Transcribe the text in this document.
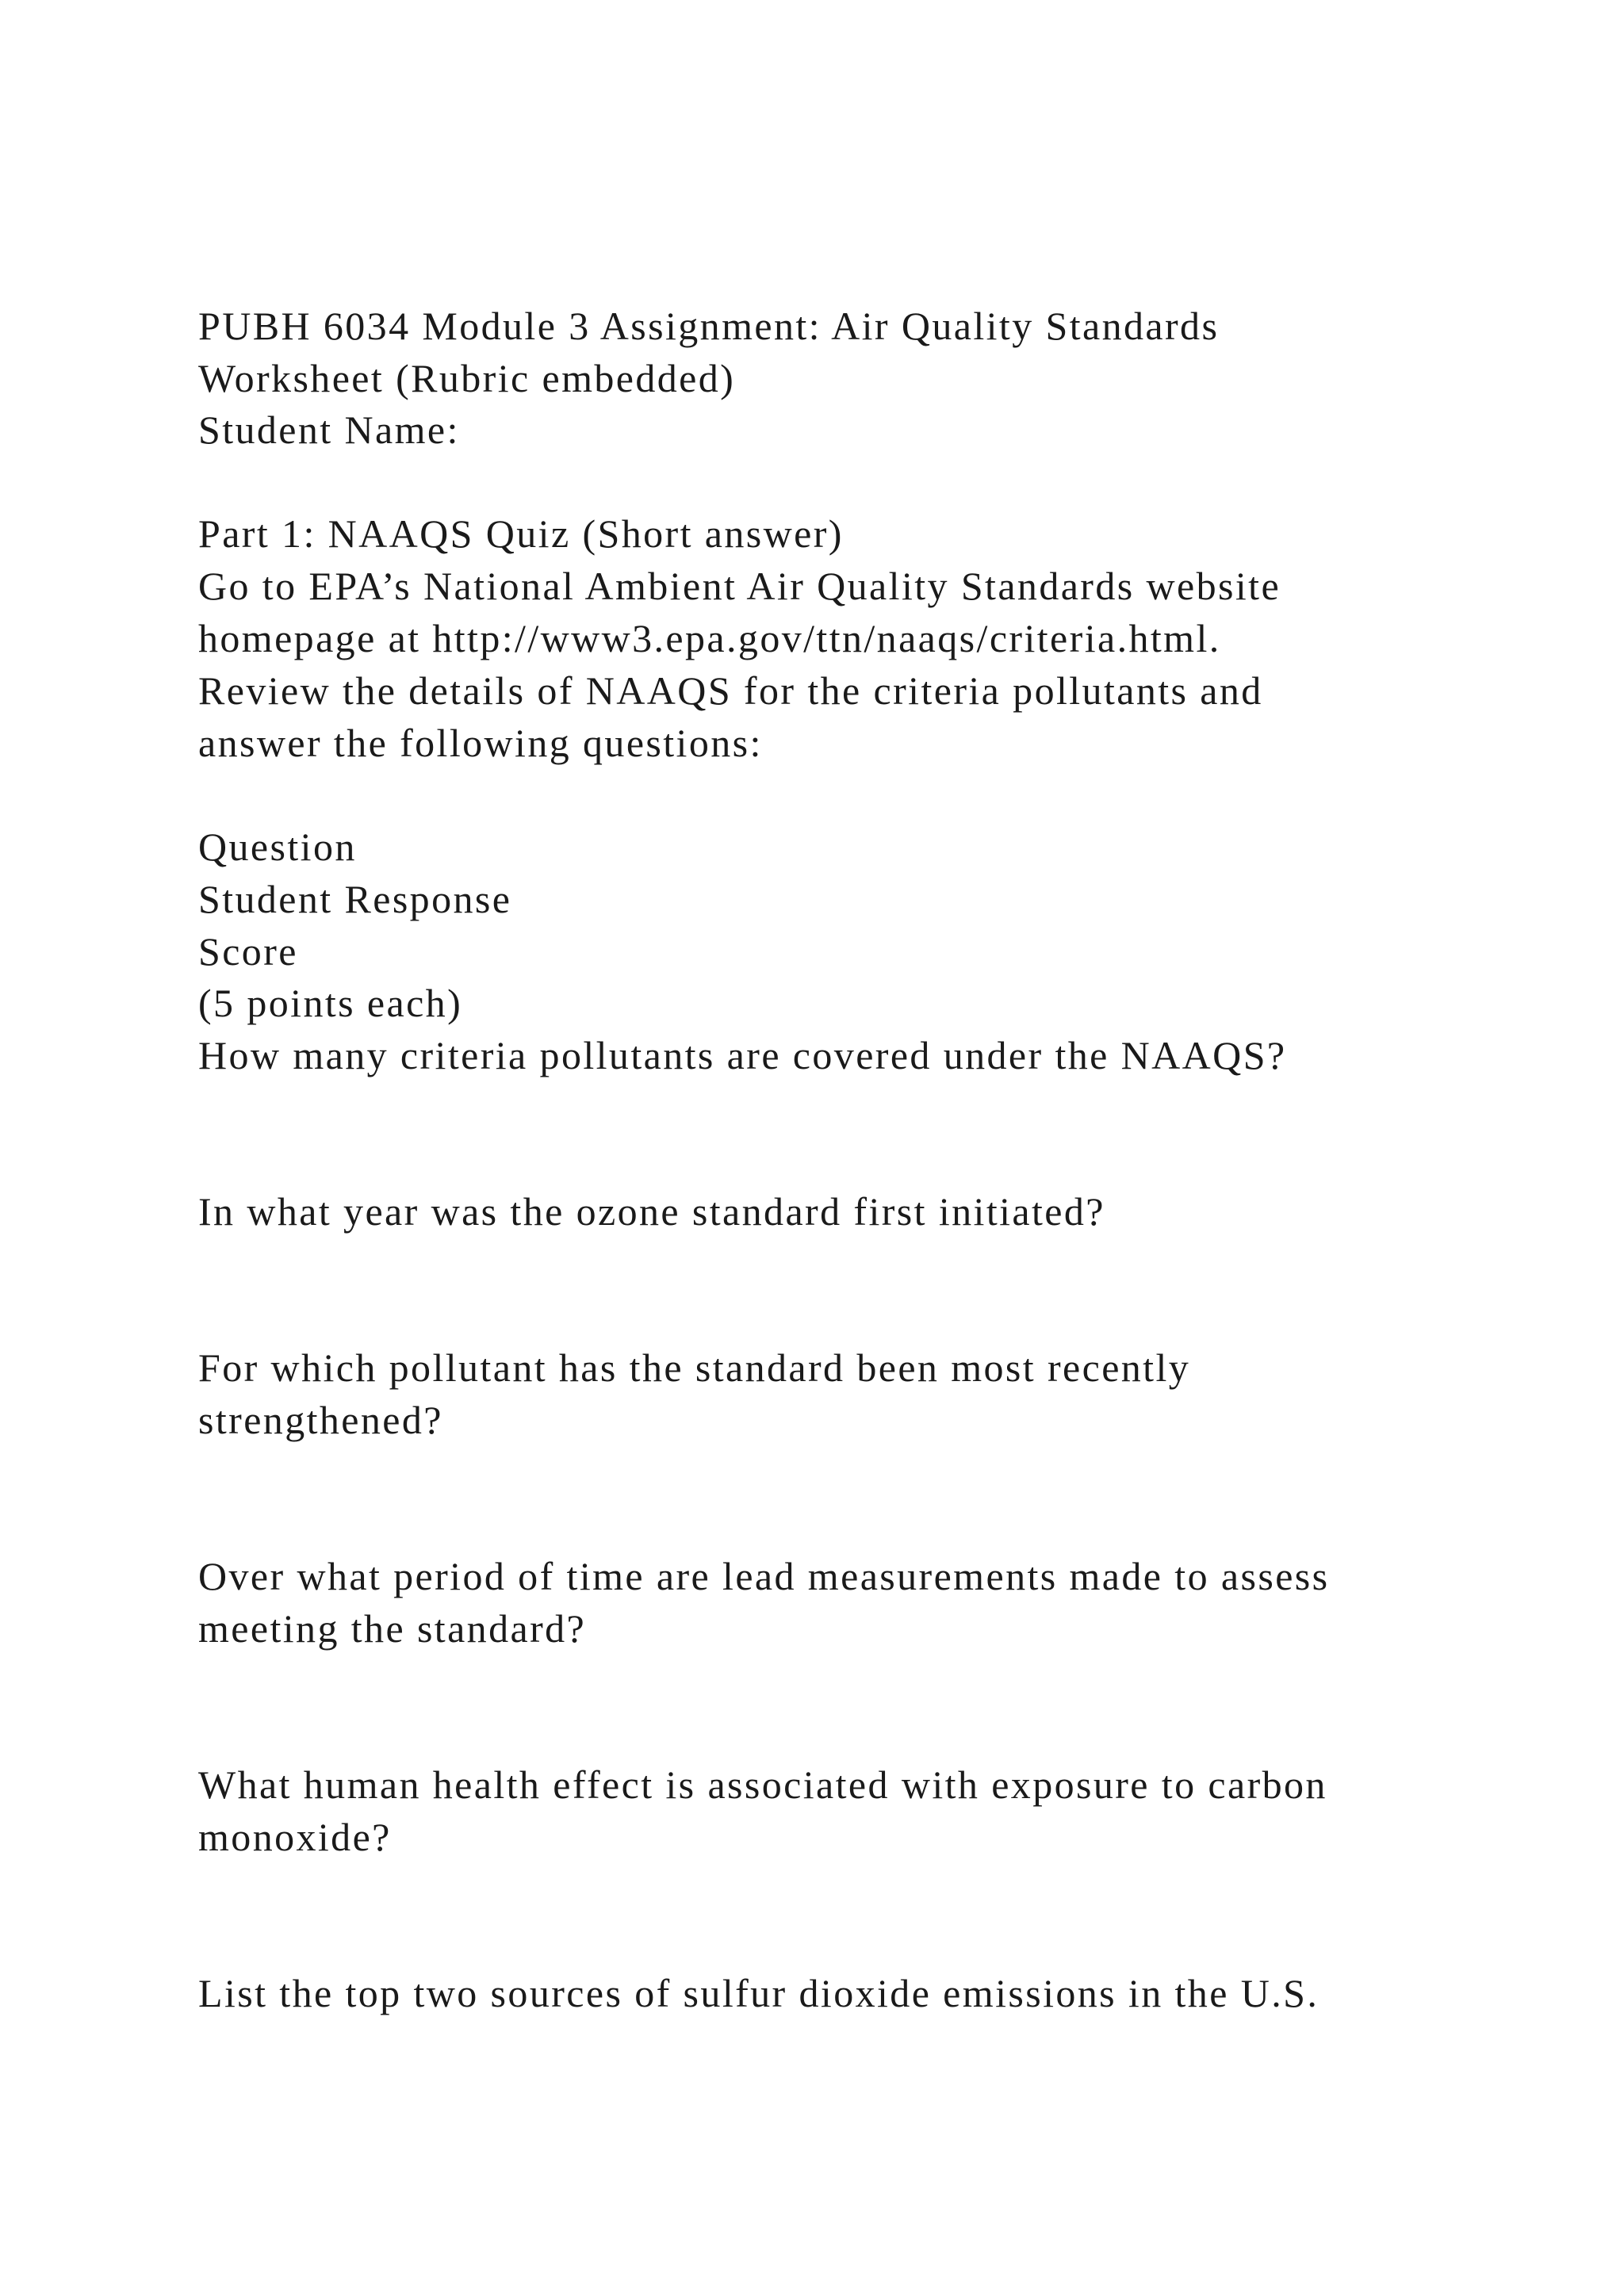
PUBH 6034 Module 3 Assignment: Air Quality Standards
Worksheet (Rubric embedded)
Student Name:
Part 1: NAAQS Quiz (Short answer)
Go to EPA’s National Ambient Air Quality Standards website
homepage at http://www3.epa.gov/ttn/naaqs/criteria.html.
Review the details of NAAQS for the criteria pollutants and
answer the following questions:
Question
Student Response
Score
(5 points each)
How many criteria pollutants are covered under the NAAQS?
In what year was the ozone standard first initiated?
For which pollutant has the standard been most recently
strengthened?
Over what period of time are lead measurements made to assess
meeting the standard?
What human health effect is associated with exposure to carbon
monoxide?
List the top two sources of sulfur dioxide emissions in the U.S.
